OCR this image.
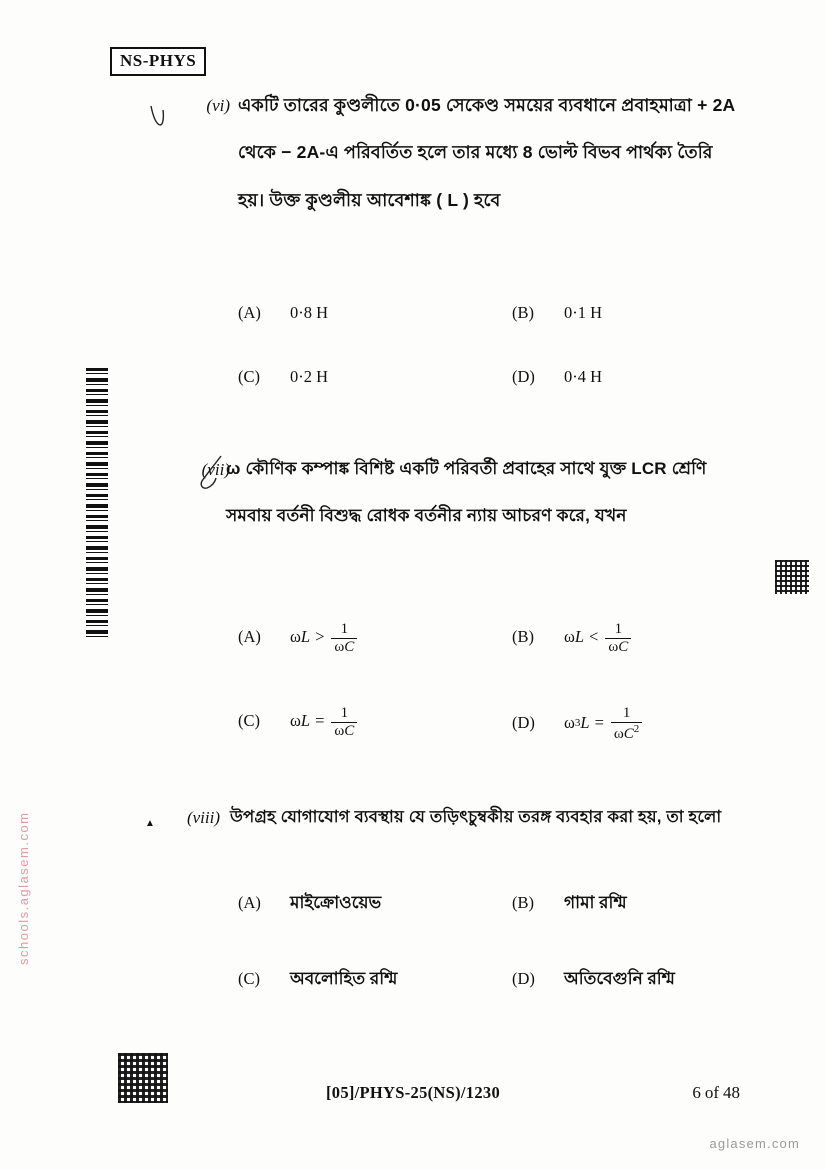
NS-PHYS
▲
(vi) একটি তারের কুণ্ডলীতে 0·05 সেকেণ্ড সময়ের ব্যবধানে প্রবাহমাত্রা + 2A
থেকে − 2A-এ পরিবর্তিত হলে তার মধ্যে 8 ভোল্ট বিভব পার্থক্য তৈরি
হয়। উক্ত কুণ্ডলীয় আবেশাঙ্ক ( L ) হবে
(A)	0·8 H	(B)	0·1 H
(C)	0·2 H	(D)	0·4 H
(vii)
ω কৌণিক কম্পাঙ্ক বিশিষ্ট একটি পরিবর্তী প্রবাহের সাথে যুক্ত LCR শ্রেণি
সমবায় বর্তনী বিশুদ্ধ রোধক বর্তনীর ন্যায় আচরণ করে, যখন
(A)	ω $L > \frac{1}{\omega C}$	(B)	ω $L < \frac{1}{\omega C}$
(C)	ω $L = \frac{1}{\omega C}$	(D)	ω 3 $L = \frac{1}{\omega C^2}$
(viii) উপগ্রহ যোগাযোগ ব্যবস্থায় যে তড়িৎচুম্বকীয় তরঙ্গ ব্যবহার করা হয়, তা হলো
(A)	মাইক্রোওয়েভ	(B)	গামা রশ্মি
(C)	অবলোহিত রশ্মি	(D)	অতিবেগুনি রশ্মি
[05]/PHYS-25(NS)/1230	6 of 48
schools.aglasem.com
aglasem.com
